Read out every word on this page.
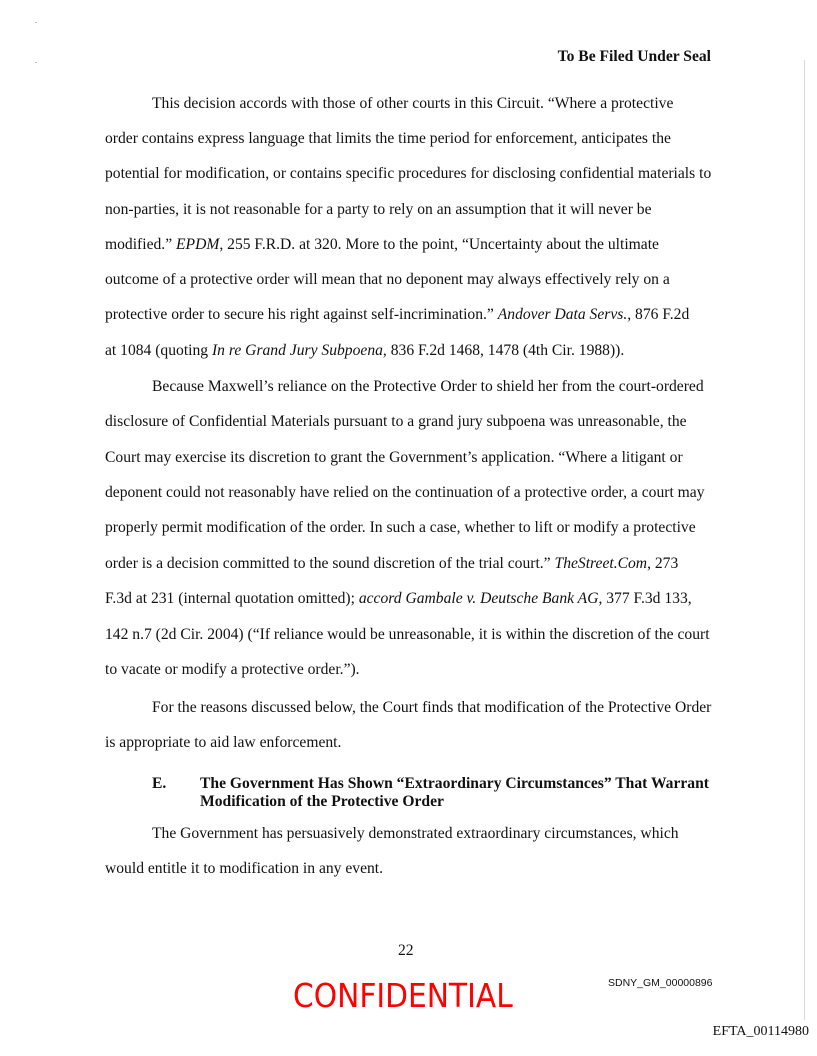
To Be Filed Under Seal
This decision accords with those of other courts in this Circuit. “Where a protective
order contains express language that limits the time period for enforcement, anticipates the
potential for modification, or contains specific procedures for disclosing confidential materials to
non-parties, it is not reasonable for a party to rely on an assumption that it will never be
modified.” EPDM, 255 F.R.D. at 320. More to the point, “Uncertainty about the ultimate
outcome of a protective order will mean that no deponent may always effectively rely on a
protective order to secure his right against self-incrimination.” Andover Data Servs., 876 F.2d
at 1084 (quoting In re Grand Jury Subpoena, 836 F.2d 1468, 1478 (4th Cir. 1988)).
Because Maxwell’s reliance on the Protective Order to shield her from the court-ordered
disclosure of Confidential Materials pursuant to a grand jury subpoena was unreasonable, the
Court may exercise its discretion to grant the Government’s application. “Where a litigant or
deponent could not reasonably have relied on the continuation of a protective order, a court may
properly permit modification of the order. In such a case, whether to lift or modify a protective
order is a decision committed to the sound discretion of the trial court.” TheStreet.Com, 273
F.3d at 231 (internal quotation omitted); accord Gambale v. Deutsche Bank AG, 377 F.3d 133,
142 n.7 (2d Cir. 2004) (“If reliance would be unreasonable, it is within the discretion of the court
to vacate or modify a protective order.”).
For the reasons discussed below, the Court finds that modification of the Protective Order
is appropriate to aid law enforcement.
The Government has persuasively demonstrated extraordinary circumstances, which
would entitle it to modification in any event.
E. The Government Has Shown “Extraordinary Circumstances” That Warrant
Modification of the Protective Order
22
CONFIDENTIAL	SDNY_GM_00000896
EFTA_00114980
